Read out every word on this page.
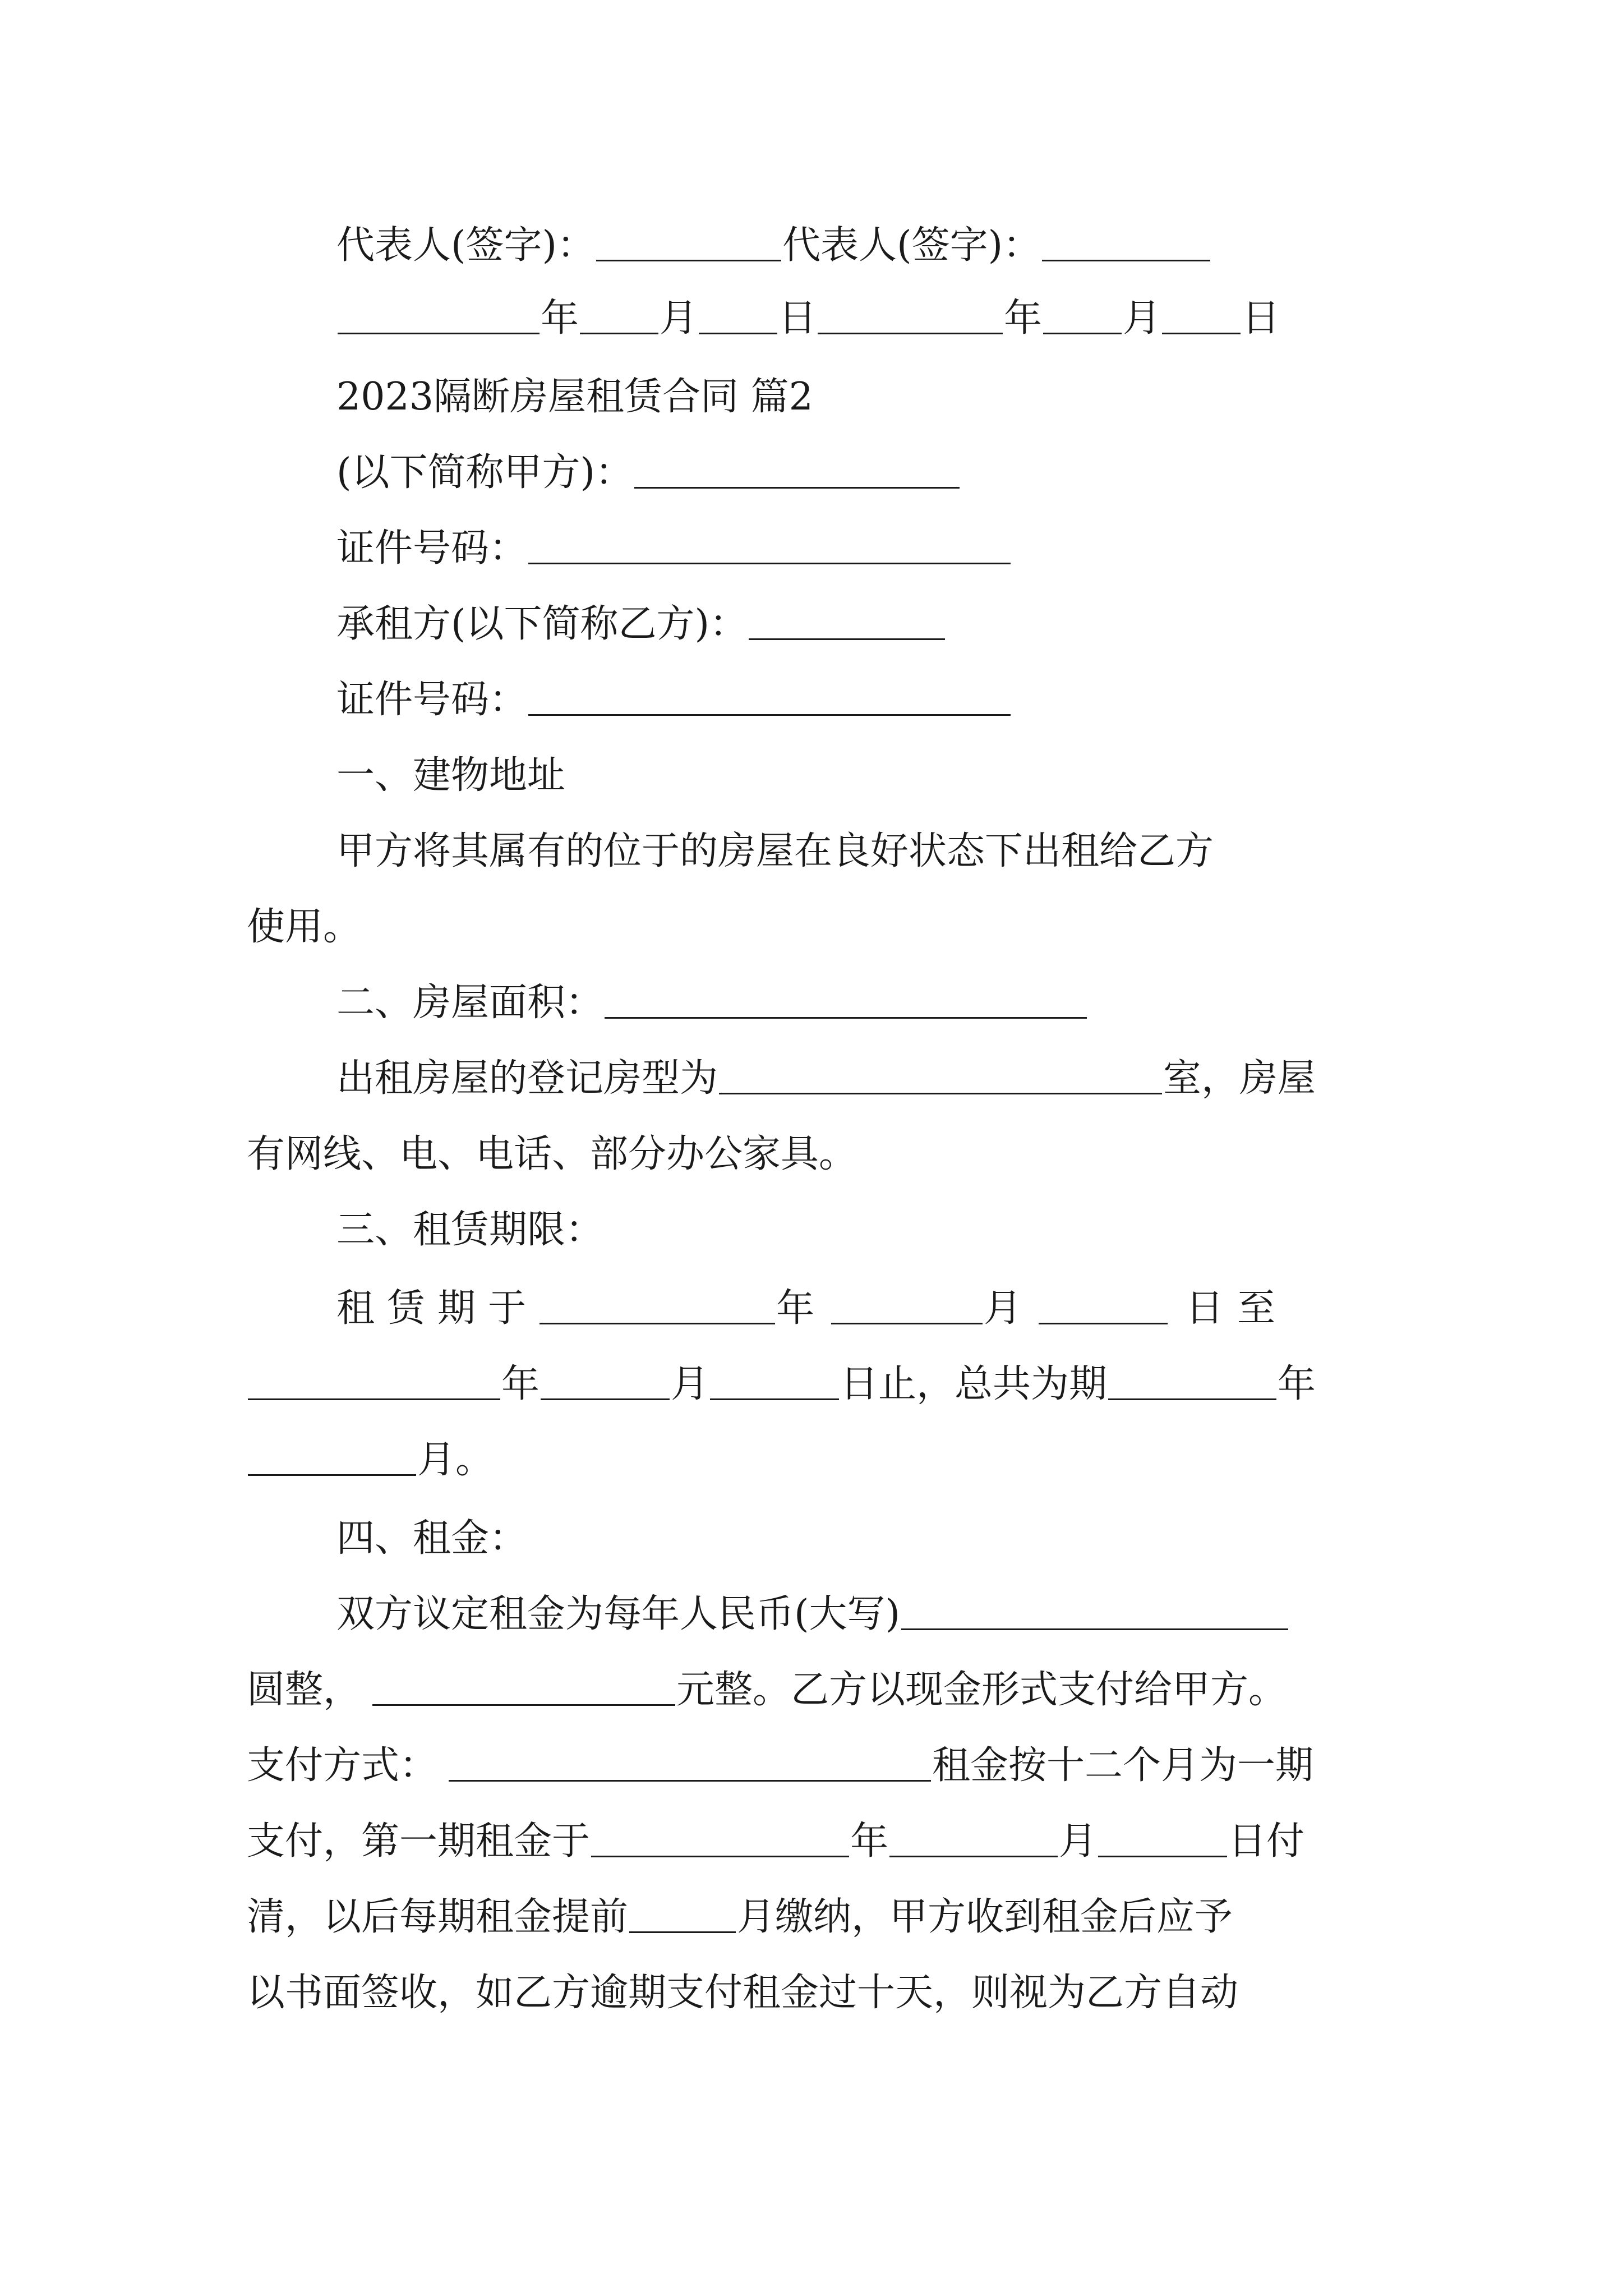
代表人(签字)：	代表人(签字)：
年 月 日	年 月 日
2023隔断房屋租赁合同 篇2
(以下简称甲方)：
证件号码：
承租方(以下简称乙方)：
证件号码：
一、建物地址
甲方将其属有的位于的房屋在良好状态下出租给乙方
使用。
二、房屋面积：
出租房屋的登记房型为	室，房屋
有网线、电、电话、部分办公家具。
三、租赁期限：
租赁期于	年	月	日至
年	月	日止，总共为期	年
月。
四、租金：
双方议定租金为每年人民币(大写)
圆整，	元整。乙方以现金形式支付给甲方。
支付方式：	租金按十二个月为一期
支付，第一期租金于	年	月	日付
清，以后每期租金提前	月缴纳，甲方收到租金后应予
以书面签收，如乙方逾期支付租金过十天，则视为乙方自动
